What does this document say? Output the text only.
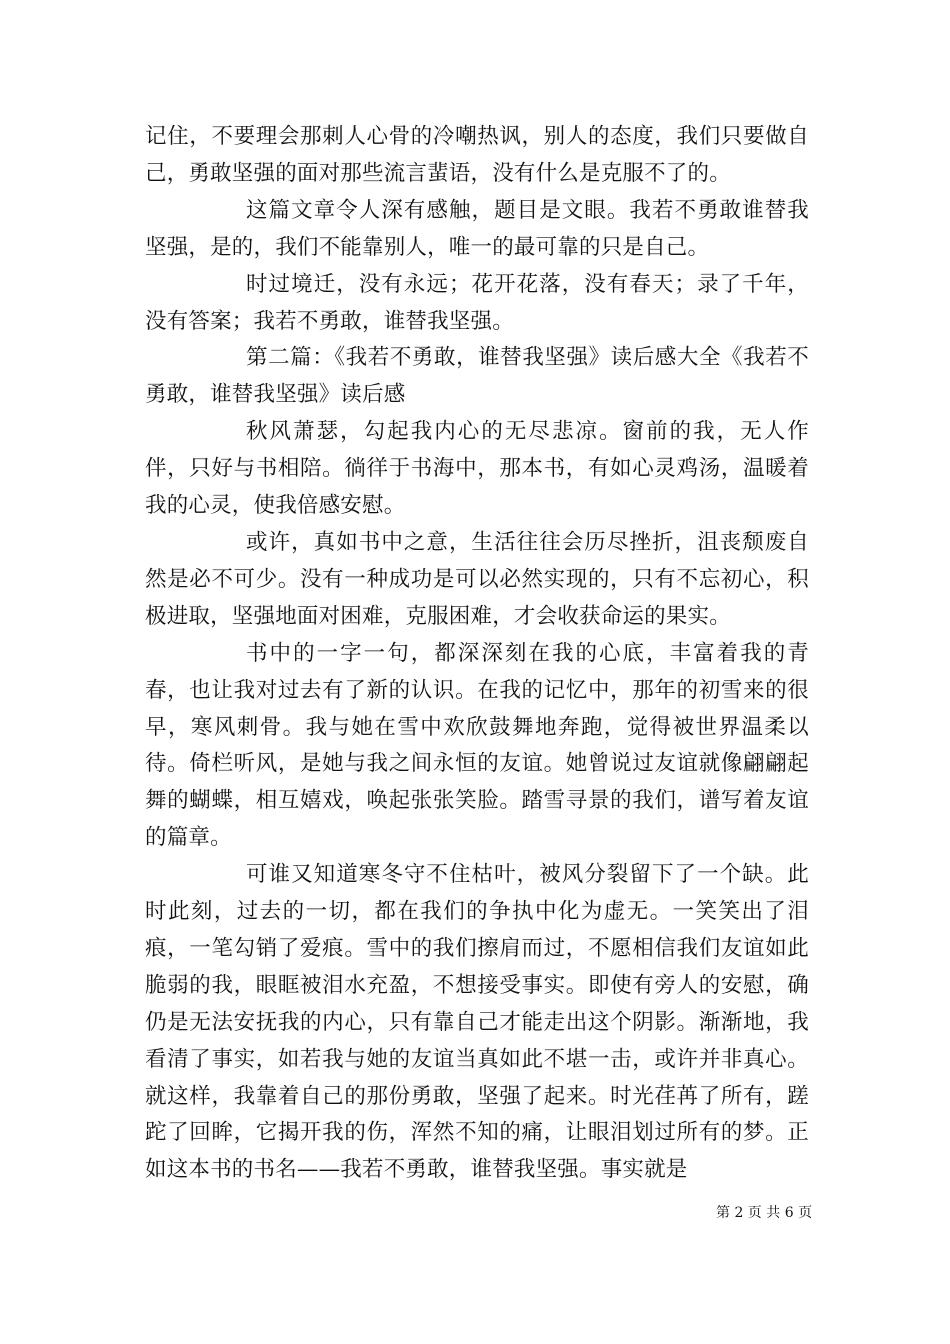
记住，不要理会那刺人心骨的冷嘲热讽，别人的态度，我们只要做自己，勇敢坚强的面对那些流言蜚语，没有什么是克服不了的。

这篇文章令人深有感触，题目是文眼。我若不勇敢谁替我坚强，是的，我们不能靠别人，唯一的最可靠的只是自己。

时过境迁，没有永远；花开花落，没有春天；录了千年，没有答案；我若不勇敢，谁替我坚强。

第二篇：《我若不勇敢，谁替我坚强》读后感大全《我若不勇敢，谁替我坚强》读后感

秋风萧瑟，勾起我内心的无尽悲凉。窗前的我，无人作伴，只好与书相陪。徜徉于书海中，那本书，有如心灵鸡汤，温暖着我的心灵，使我倍感安慰。

或许，真如书中之意，生活往往会历尽挫折，沮丧颓废自然是必不可少。没有一种成功是可以必然实现的，只有不忘初心，积极进取，坚强地面对困难，克服困难，才会收获命运的果实。

书中的一字一句，都深深刻在我的心底，丰富着我的青春，也让我对过去有了新的认识。在我的记忆中，那年的初雪来的很早，寒风刺骨。我与她在雪中欢欣鼓舞地奔跑，觉得被世界温柔以待。倚栏听风，是她与我之间永恒的友谊。她曾说过友谊就像翩翩起舞的蝴蝶，相互嬉戏，唤起张张笑脸。踏雪寻景的我们，谱写着友谊的篇章。

可谁又知道寒冬守不住枯叶，被风分裂留下了一个缺。此时此刻，过去的一切，都在我们的争执中化为虚无。一笑笑出了泪痕，一笔勾销了爱痕。雪中的我们擦肩而过，不愿相信我们友谊如此脆弱的我，眼眶被泪水充盈，不想接受事实。即使有旁人的安慰，确仍是无法安抚我的内心，只有靠自己才能走出这个阴影。渐渐地，我看清了事实，如若我与她的友谊当真如此不堪一击，或许并非真心。就这样，我靠着自己的那份勇敢，坚强了起来。时光荏苒了所有，蹉跎了回眸，它揭开我的伤，浑然不知的痛，让眼泪划过所有的梦。正如这本书的书名——我若不勇敢，谁替我坚强。事实就是

第 2 页 共 6 页
